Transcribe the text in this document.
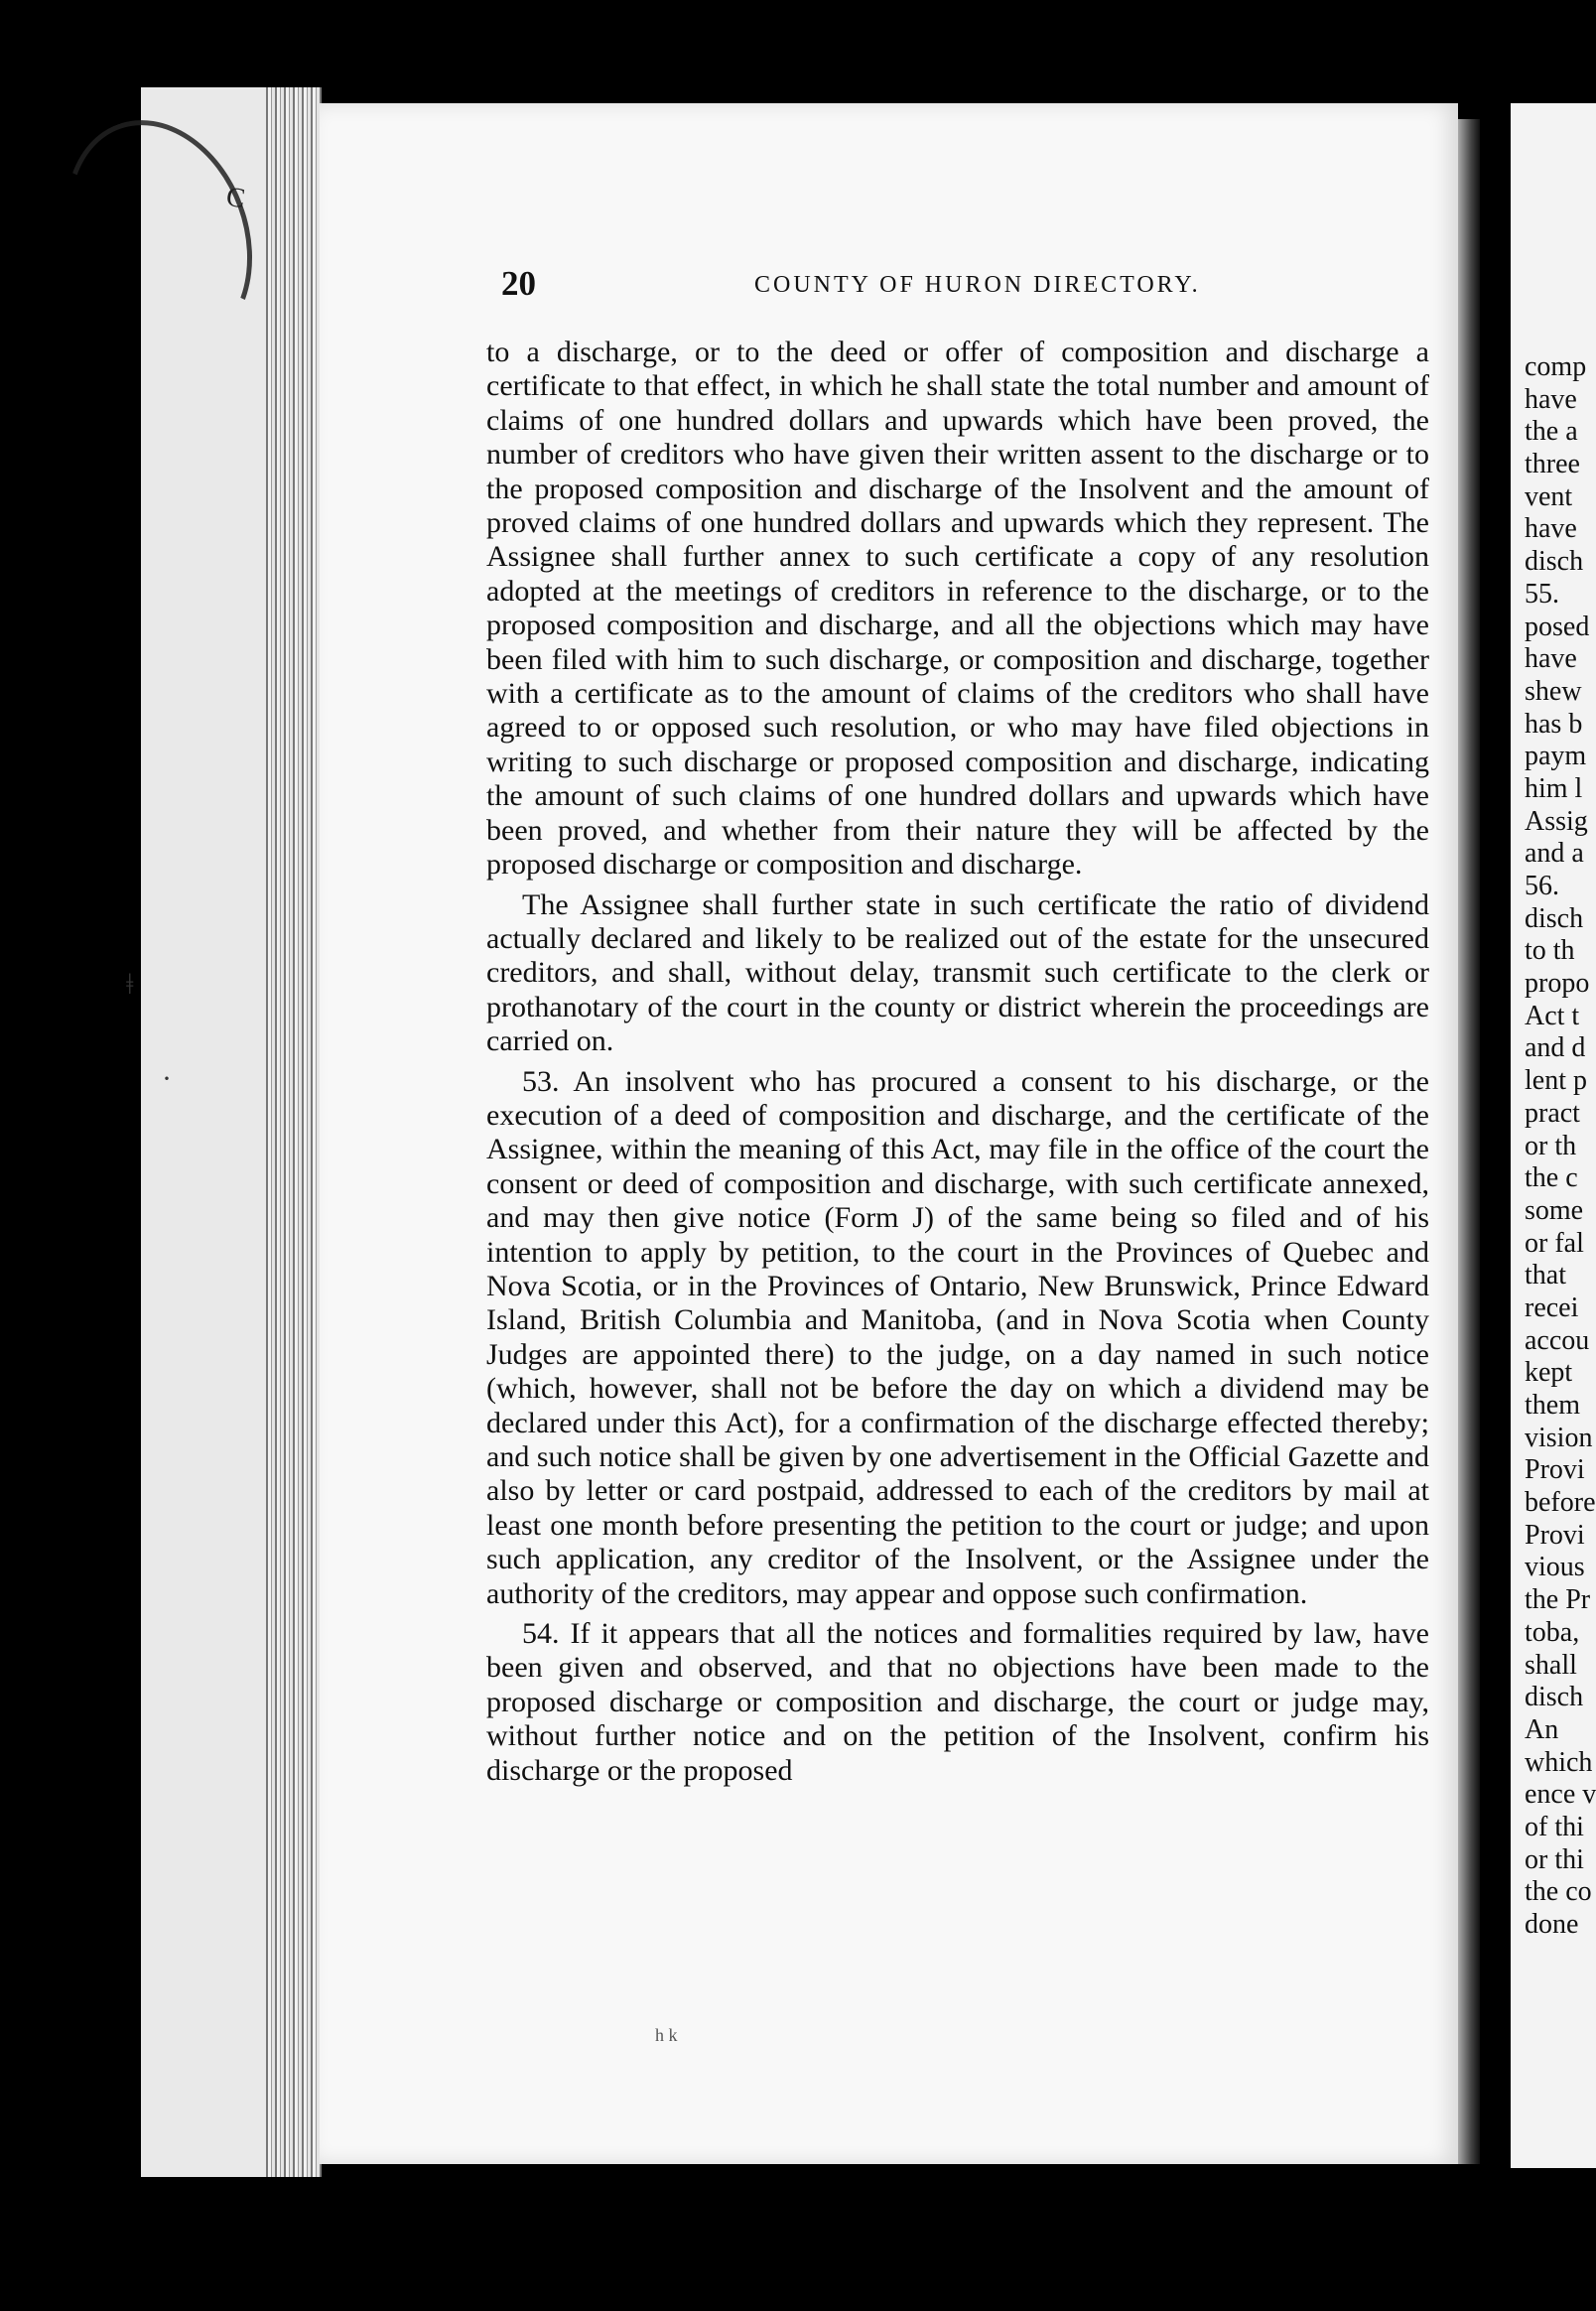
C
ǂ
·
20	COUNTY OF HURON DIRECTORY.

to a discharge, or to the deed or offer of composition and discharge a certificate to that effect, in which he shall state the total number and amount of claims of one hundred dollars and upwards which have been proved, the number of creditors who have given their written assent to the discharge or to the proposed composition and discharge of the Insolvent and the amount of proved claims of one hundred dollars and upwards which they represent. The Assignee shall further annex to such certificate a copy of any resolution adopted at the meetings of creditors in reference to the discharge, or to the proposed composition and discharge, and all the objections which may have been filed with him to such discharge, or composition and discharge, together with a certificate as to the amount of claims of the creditors who shall have agreed to or opposed such resolution, or who may have filed objections in writing to such discharge or proposed composition and discharge, indicating the amount of such claims of one hundred dollars and upwards which have been proved, and whether from their nature they will be affected by the proposed discharge or composition and discharge.

The Assignee shall further state in such certificate the ratio of dividend actually declared and likely to be realized out of the estate for the unsecured creditors, and shall, without delay, transmit such certificate to the clerk or prothanotary of the court in the county or district wherein the proceedings are carried on.

53. An insolvent who has procured a consent to his discharge, or the execution of a deed of composition and discharge, and the certificate of the Assignee, within the meaning of this Act, may file in the office of the court the consent or deed of composition and discharge, with such certificate annexed, and may then give notice (Form J) of the same being so filed and of his intention to apply by petition, to the court in the Provinces of Quebec and Nova Scotia, or in the Provinces of Ontario, New Brunswick, Prince Edward Island, British Columbia and Manitoba, (and in Nova Scotia when County Judges are appointed there) to the judge, on a day named in such notice (which, however, shall not be before the day on which a dividend may be declared under this Act), for a confirmation of the discharge effected thereby; and such notice shall be given by one advertisement in the Official Gazette and also by letter or card postpaid, addressed to each of the creditors by mail at least one month before presenting the petition to the court or judge; and upon such application, any creditor of the Insolvent, or the Assignee under the authority of the creditors, may appear and oppose such confirmation.

54. If it appears that all the notices and formalities required by law, have been given and observed, and that no objections have been made to the proposed discharge or composition and discharge, the court or judge may, without further notice and on the petition of the Insolvent, confirm his discharge or the proposed

h k
comp
have
the a
three
vent
have
disch
55.
posed
have
shew
has b
paym
him l
Assig
and a
56.
disch
to th
propo
Act t
and d
lent p
pract
or th
the c
some
or fal
that
recei
accou
kept
them
vision
Provi
before
Provi
vious
the Pr
toba,
shall
disch
An
which
ence v
of thi
or thi
the co
done
